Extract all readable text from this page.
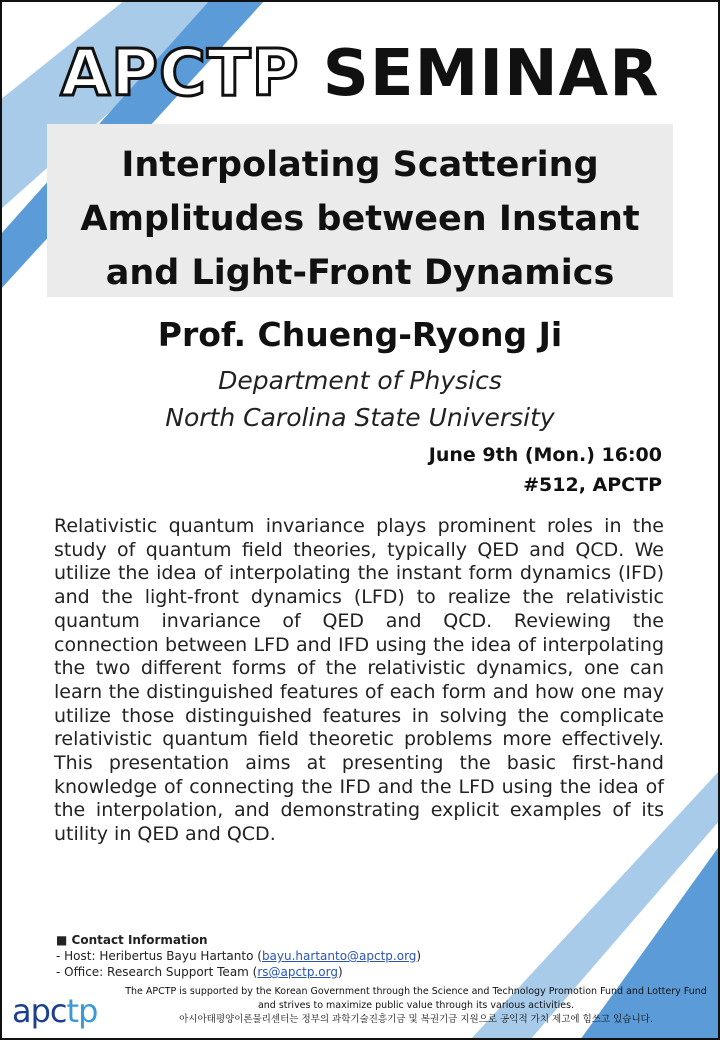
APCTP SEMINAR
Interpolating Scattering
Amplitudes between Instant
and Light-Front Dynamics
Prof. Chueng-Ryong Ji
Department of Physics
North Carolina State University
June 9th (Mon.) 16:00
#512, APCTP
Relativistic quantum invariance plays prominent roles in the study of quantum field theories, typically QED and QCD. We utilize the idea of interpolating the instant form dynamics (IFD) and the light-front dynamics (LFD) to realize the relativistic quantum invariance of QED and QCD. Reviewing the connection between LFD and IFD using the idea of interpolating the two different forms of the relativistic dynamics, one can learn the distinguished features of each form and how one may utilize those distinguished features in solving the complicate relativistic quantum field theoretic problems more effectively. This presentation aims at presenting the basic first-hand knowledge of connecting the IFD and the LFD using the idea of the interpolation, and demonstrating explicit examples of its utility in QED and QCD.
■ Contact Information
- Host: Heribertus Bayu Hartanto (bayu.hartanto@apctp.org)
- Office: Research Support Team (rs@apctp.org)
apctp
The APCTP is supported by the Korean Government through the Science and Technology Promotion Fund and Lottery Fund
and strives to maximize public value through its various activities.
아시아태평양이론물리센터는 정부의 과학기술진흥기금 및 복권기금 지원으로 공익적 가치 제고에 힘쓰고 있습니다.
